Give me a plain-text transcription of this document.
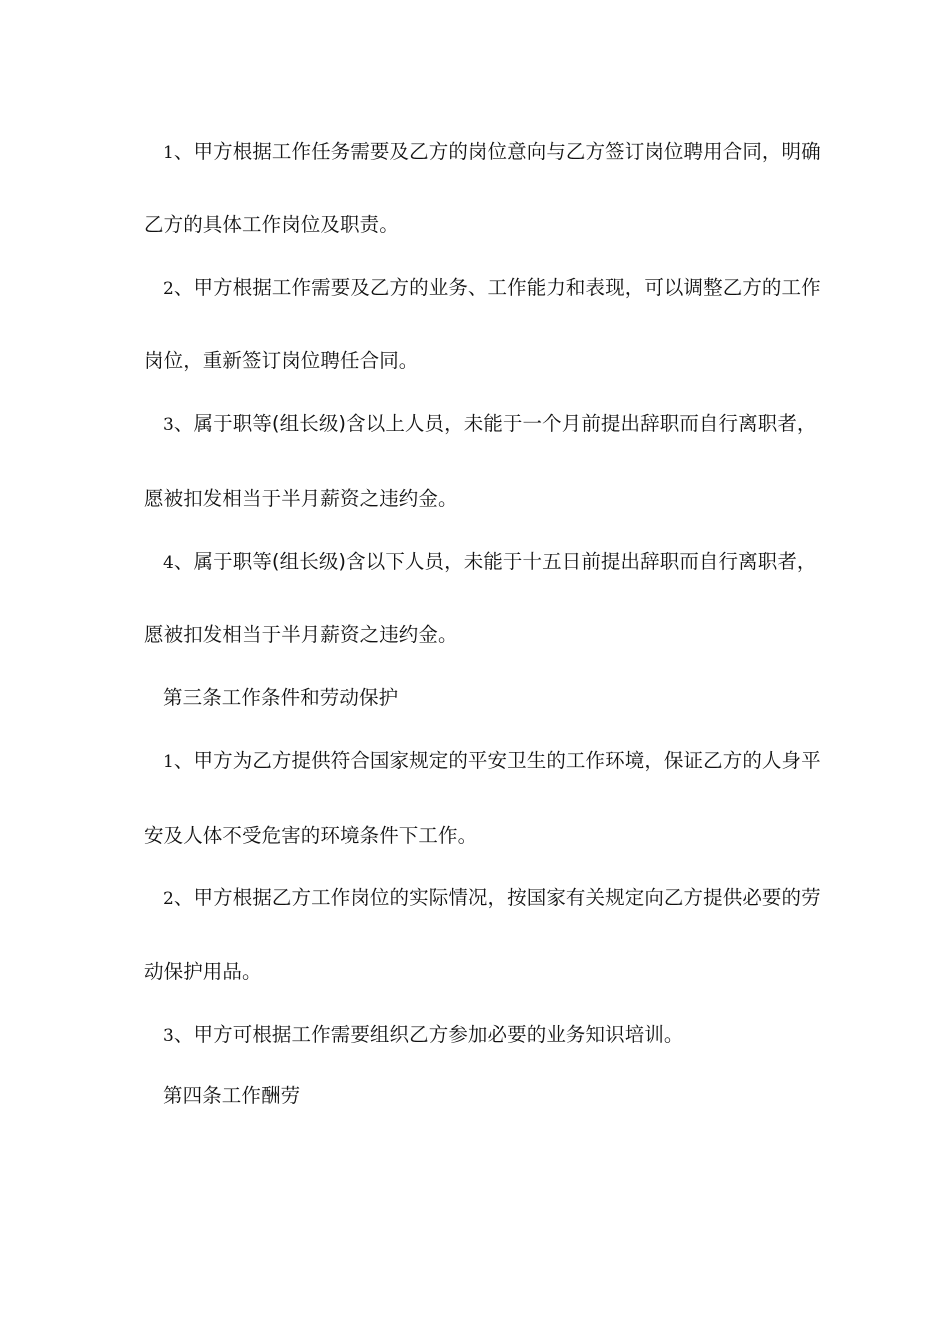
1、甲方根据工作任务需要及乙方的岗位意向与乙方签订岗位聘用合同，明确
乙方的具体工作岗位及职责。
2、甲方根据工作需要及乙方的业务、工作能力和表现，可以调整乙方的工作
岗位，重新签订岗位聘任合同。
3、属于职等(组长级)含以上人员，未能于一个月前提出辞职而自行离职者，
愿被扣发相当于半月薪资之违约金。
4、属于职等(组长级)含以下人员，未能于十五日前提出辞职而自行离职者，
愿被扣发相当于半月薪资之违约金。
第三条工作条件和劳动保护
1、甲方为乙方提供符合国家规定的平安卫生的工作环境，保证乙方的人身平
安及人体不受危害的环境条件下工作。
2、甲方根据乙方工作岗位的实际情况，按国家有关规定向乙方提供必要的劳
动保护用品。
3、甲方可根据工作需要组织乙方参加必要的业务知识培训。
第四条工作酬劳
